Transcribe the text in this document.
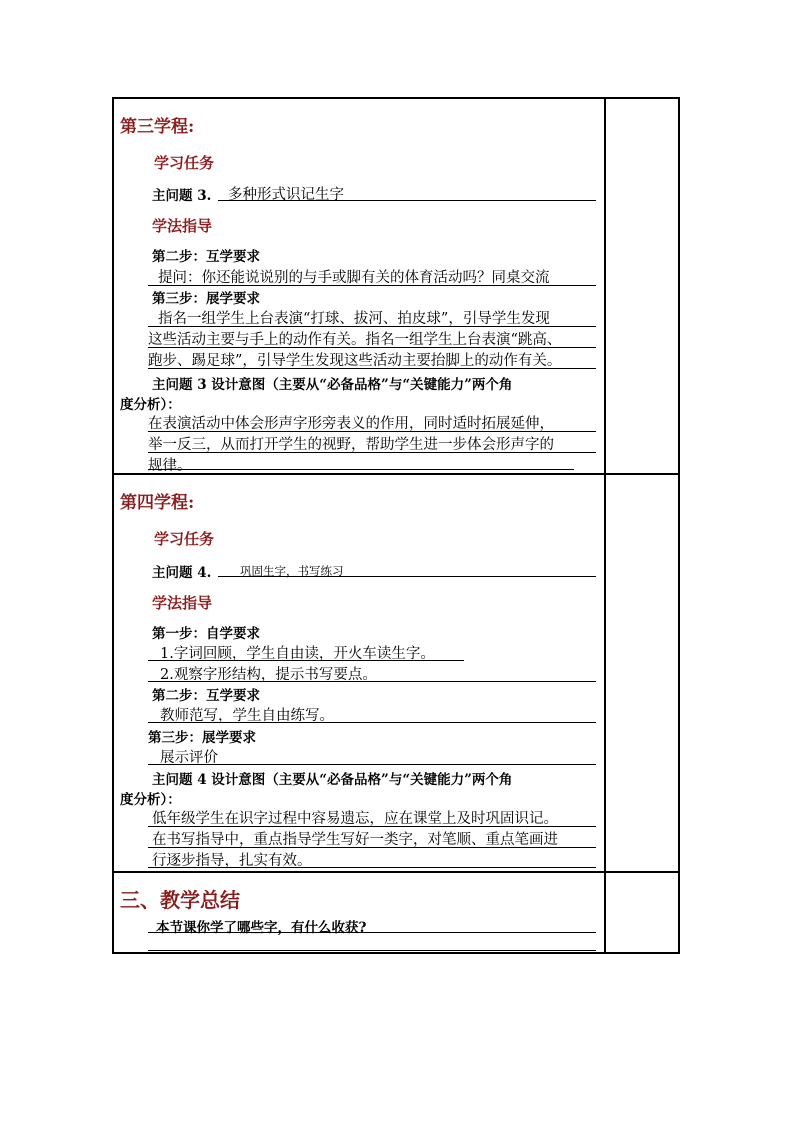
第三学程:
学习任务
主问题 3. 多种形式识记生字
学法指导
第二步：互学要求
提问：你还能说说别的与手或脚有关的体育活动吗？同桌交流
第三步：展学要求
指名一组学生上台表演“打球、拔河、拍皮球”，引导学生发现
这些活动主要与手上的动作有关。指名一组学生上台表演“跳高、
跑步、踢足球”，引导学生发现这些活动主要抬脚上的动作有关。
主问题 3 设计意图（主要从“必备品格”与“关键能力”两个角
度分析）：
在表演活动中体会形声字形旁表义的作用，同时适时拓展延伸，
举一反三，从而打开学生的视野，帮助学生进一步体会形声字的
规律。
第四学程:
学习任务
主问题 4. 巩固生字，书写练习
学法指导
第一步：自学要求
1.字词回顾，学生自由读，开火车读生字。
2.观察字形结构，提示书写要点。
第二步：互学要求
教师范写，学生自由练写。
第三步：展学要求
展示评价
主问题 4 设计意图（主要从“必备品格”与“关键能力”两个角
度分析）：
低年级学生在识字过程中容易遗忘，应在课堂上及时巩固识记。
在书写指导中，重点指导学生写好一类字，对笔顺、重点笔画进
行逐步指导，扎实有效。
三、教学总结
本节课你学了哪些字，有什么收获?
